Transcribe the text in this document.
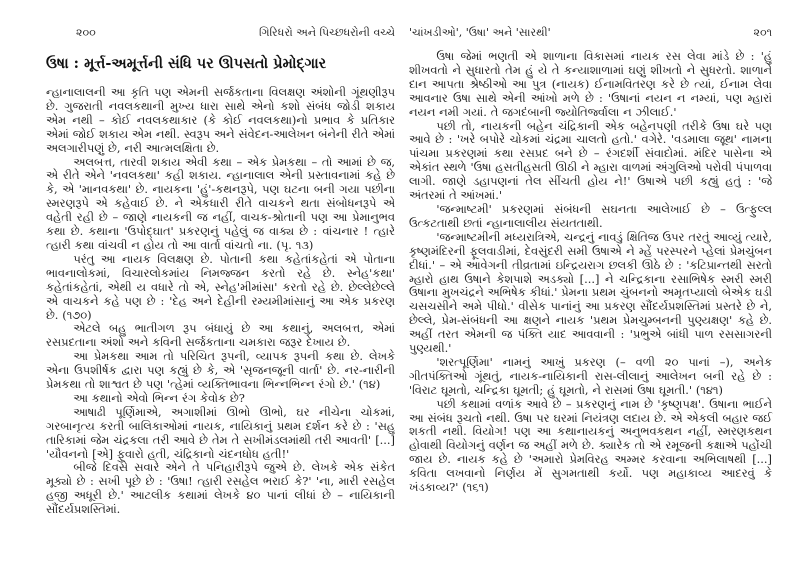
૨૦૦	ગિરિધરો અને પિચ્છધરોની વચ્ચે
ઉષા : મૂર્ત્ત-અમૂર્ત્તની સંધિ પર ઊપસતો પ્રેમોદ્ગાર

ન્હાનાલાલની આ કૃતિ પણ એમની સર્જકતાના વિલક્ષણ અંશોની ગૂંથણીરૂપ છે. ગુજરાતી નવલકથાની મુખ્ય ધારા સાથે એનો કશો સંબંધ જોડી શકાય એમ નથી – કોઈ નવલકથાકાર (કે કોઈ નવલકથા)નો પ્રભાવ કે પ્રતિકાર એમાં જોઈ શકાય એમ નથી. સ્વરૂપ અને સંવેદન-આલેખન બંનેની રીતે એમાં અલગારીપણું છે, નરી આત્મલક્ષિતા છે.

અલબત્ત, તારવી શકાય એવી કથા – એક પ્રેમકથા – તો આમાં છે જ, એ રીતે એને 'નવલકથા' કહી શકાય. ન્હાનાલાલ એની પ્રસ્તાવનામાં કહે છે કે, એ 'માનવકથા' છે. નાયકના 'હું'-કથનરૂપે, પણ ઘટના બની ગયા પછીના સ્મરણરૂપે એ કહેવાઈ છે. ને એકધારી રીતે વાચકને થતા સંબોધનરૂપે એ વહેતી રહી છે – જાણે નાયકની જ નહીં, વાચક-શ્રોતાની પણ આ પ્રેમાનુભવ કથા છે. કથાના 'ઉપોદ્ઘાત' પ્રકરણનું પહેલું જ વાક્ય છે : વાંચનાર ! ત્હારે ત્હારી કથા વાંચવી ન હોય તો આ વાર્તા વાંચતો ના. (પૃ. ૧૩)

પરંતુ આ નાયક વિલક્ષણ છે. પોતાની કથા કહેતાંકહેતાં એ પોતાના ભાવનાલોકમાં, વિચારલોકમાંય નિમજ્જન કરતો રહે છે. સ્નેહ'કથા' કહેતાંકહેતાં, એથી ય વધારે તો એ, સ્નેહ'મીમાંસા' કરતો રહે છે. છેલ્લેછેલ્લે એ વાચકને કહે પણ છે : 'દેહ અને દેહીની રમ્યમીમાંસાનું આ એક પ્રકરણ છે. (૧૭૦)

એટલે બહુ ભાતીગળ રૂપ બંધાયું છે આ કથાનું, અલબત્ત, એમાં રસપ્રદતાના અંશો અને કવિની સર્જકતાના ચમકારા જરૂર દેખાય છે.

આ પ્રેમકથા આમ તો પરિચિત રૂપની, વ્યાપક રૂપની કથા છે. લેખકે એના ઉપશીર્ષક દ્વારા પણ કહ્યું છે કે, એ 'સૃજનજૂની વાર્તા' છે. નર-નારીની પ્રેમકથા તો શાશ્વત છે પણ 'ત્હેમાં વ્યક્તિભાવના ભિન્નભિન્ન રંગો છે.' (૧૪)

આ કથાનો એવો ભિન્ન રંગ કેવોક છે?

આષાઢી પૂર્ણિમાએ, અગાશીમાં ઊભો ઊભો, ઘર નીચેના ચોકમાં, ગરબાનૃત્ય કરતી બાલિકાઓમાં નાયક, નાયિકાનું પ્રથમ દર્શન કરે છે : 'સહુ તારિકામાં જેમ ચંદ્રકલા તરી આવે છે તેમ તે સખીમંડલમાંથી તરી આવતી' [...] 'યૌવનનો [એ] ફુવારો હતી, ચંદ્રિકાનો ચંદનધોધ હતી!'

બીજે દિવસે સવારે એને તે પનિહારીરૂપે જુએ છે. લેખકે એક સંકેત મૂક્યો છે : સખી પૂછે છે : 'ઉષા! ત્હારી રસહેલ ભરાઈ કે?' 'ના, મારી રસહેલ હજી અધૂરી છે.' આટલીક કથામાં લેખકે ૪૦ પાનાં લીધાં છે – નાયિકાની સૌંદર્યપ્રશસ્તિમાં.

'ચાંખડીઓ', 'ઉષા' અને 'સારથી'	૨૦૧

ઉષા જેમાં ભણતી એ શાળાના વિકાસમાં નાયક રસ લેવા માંડે છે : 'હું શીખવતો ને સુધારતો તેમ હું યે તે કન્યાશાળામાં ઘણું શીખતો ને સુધરતો. શાળાને દાન આપતા શ્રેષ્ઠીઓ આ પુત્ર (નાયક) ઈનામવિતરણ કરે છે ત્યાં, ઈનામ લેવા આવનાર ઉષા સાથે એની આંખો મળે છે : 'ઉષાનાં નયન ન નમ્યાં, પણ મ્હારાં નયન નમી ગયાં. તે જગદંબાની જ્યોતિર્જ્વાલા ન ઝીલાઈ.'

પછી તો, નાયકની બહેન ચંદ્રિકાની એક બહેનપણી તરીકે ઉષા ઘરે પણ આવે છે : 'ખરે બપોરે ચોકમાં ચંદ્રમા ચાલતો હતો.' વગેરે. 'વડમાલા જૂથ' નામના પાંચમા પ્રકરણમાં કથા રસપ્રદ બને છે – રંગદર્શી સંવાદોમાં. મંદિર પાસેના એ એકાંત સ્થળે 'ઉષા હસતીહસતી ઊઠી ને મ્હારા વાળમાં અંગુલિઓ પરોવી પંપાળવા લાગી. જાણે ડહાપણનાં તેલ સીંચતી હોય ને!' ઉષાએ પછી કહ્યું હતું : 'જે અંતરમાં તે આંખમાં.'

'જન્માષ્ટમી' પ્રકરણમાં સંબંધની સઘનતા આલેખાઈ છે – ઉત્ફુલ્લ ઉત્કટતાથી છતાં ન્હાનાલાલીય સંયતતાથી.

'જન્માષ્ટમીની મધ્યરાત્રિએ, ચન્દ્રનું નાવડું ક્ષિતિજ ઉપર તરતું આવ્યું ત્યારે, કૃષ્ણમંદિરની ફૂલવાડીમાં, દેવસુંદરી સમી ઉષાએ ને મ્હેં પરસ્પરને પ્હેલાં પ્રેમચુંબન દીધાં.' – એ આવેગની તીવ્રતામાં ઇન્દ્રિયરાગ છલકી ઊઠે છે : 'કટિપ્રાન્તથી સરતો મ્હારો હાથ ઉષાને કેશપાશે અડક્યો [...] ને ચન્દ્રિકાના રસાભિષેક સ્મરી સ્મરી ઉષાના મુખચંદ્રને અભિષેક કીધાં.' પ્રેમના પ્રથમ ચુંબનનો અમૃતપ્યાલો બેએક ઘડી ચસચસીને અમે પીધો.' વીસેક પાનાંનું આ પ્રકરણ સૌંદર્યપ્રશસ્તિમાં પ્રસ્તરે છે ને, છેલ્લે, પ્રેમ-સંબંધની આ ક્ષણને નાયક 'પ્રથમ પ્રેમચુમ્બનની પુણ્યક્ષણ' કહે છે. અહીં તરત એમની જ પંક્તિ યાદ આવવાની : 'પ્રભુએ બાંધી પાળ રસસાગરની પુણ્યથી.'

'શરત્પૂર્ણિમા' નામનું આખું પ્રકરણ (– વળી ૨૦ પાનાં –), અનેક ગીતપંક્તિઓ ગૂંથતું, નાયક-નાયિકાની રાસ-લીલાનું આલેખન બની રહે છે : 'વિરાટ ઘૂમતો, ચન્દ્રિકા ઘૂમતી; હું ઘૂમતો, ને રાસમાં ઉષા ઘૂમતી.' (૧૪૧)

પછી કથામાં વળાંક આવે છે – પ્રકરણનું નામ છે 'કૃષ્ણપક્ષ'. ઉષાના ભાઈને આ સંબંધ રૂચતો નથી. ઉષા પર ઘરમાં નિયંત્રણ લદાય છે. એ એકલી બહાર જઈ શકતી નથી. વિયોગ! પણ આ કથાનાયકનું અનુભવકથન નહીં, સ્મરણકથન હોવાથી વિયોગનું વર્ણન જ અહીં મળે છે. ક્યારેક તો એ રમૂજની કક્ષાએ પહોંચી જાય છે. નાયક કહે છે 'અમારો પ્રેમવિરહ અમ્મર કરવાના અભિલાષથી [...] કવિતા લખવાનો નિર્ણય મેં સુગમતાથી કર્યો. પણ મહાકાવ્ય આદરવું કે ખંડકાવ્ય?' (૧૬૧)
